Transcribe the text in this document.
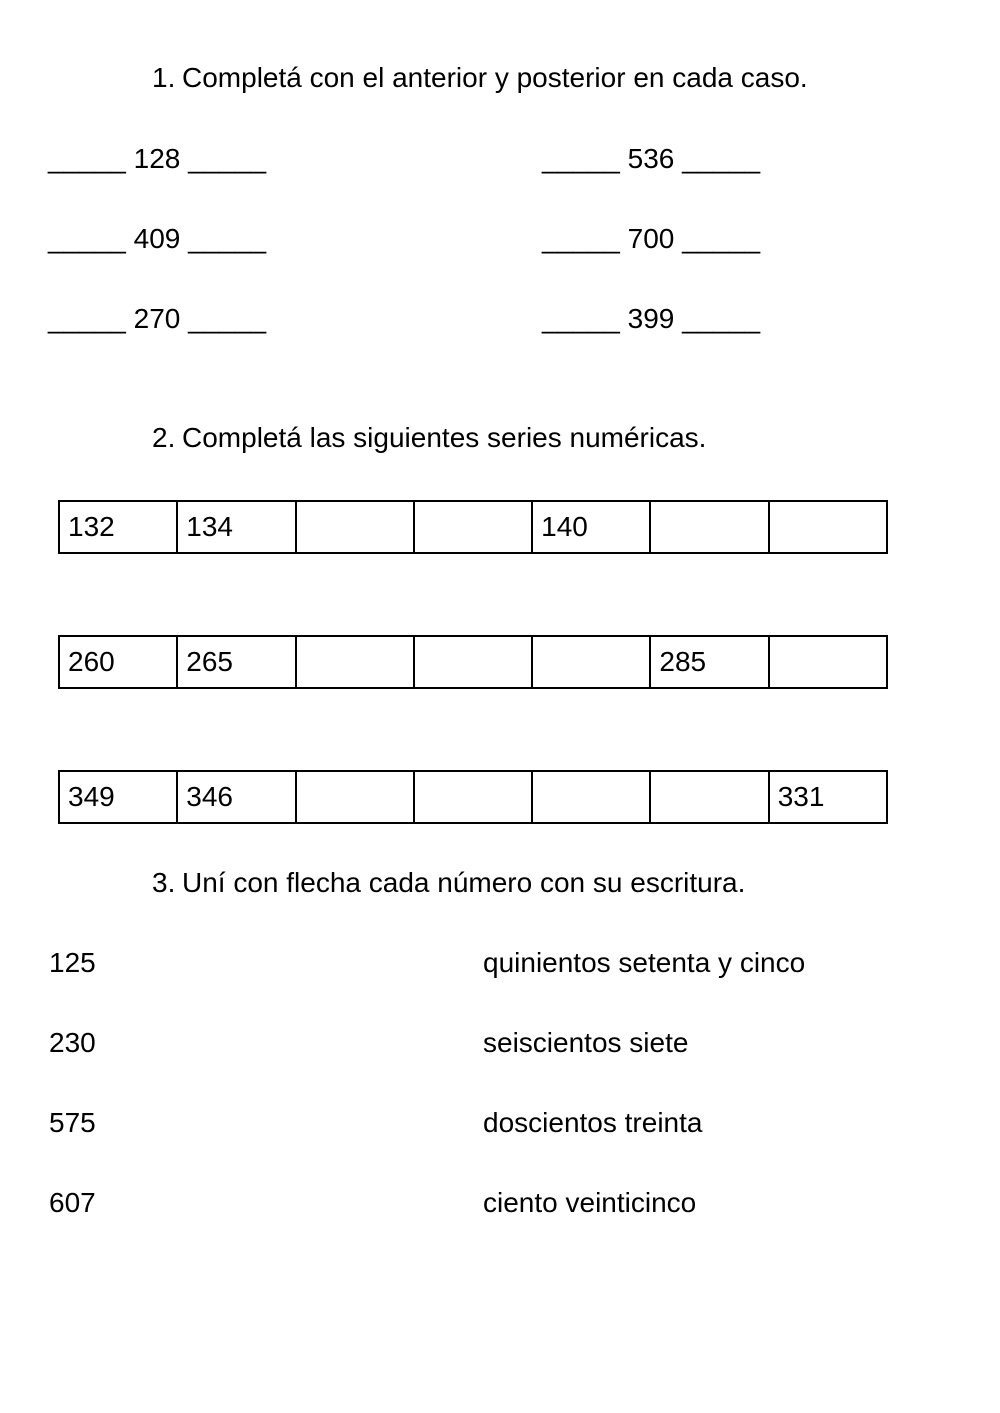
1. Completá con el anterior y posterior en cada caso.
_____ 128 _____	_____ 536 _____
_____ 409 _____	_____ 700 _____
_____ 270 _____	_____ 399 _____
2. Completá las siguientes series numéricas.
132	134			140		
260	265				285	
349	346					331
3. Uní con flecha cada número con su escritura.
125	quinientos setenta y cinco
230	seiscientos siete
575	doscientos treinta
607	ciento veinticinco
